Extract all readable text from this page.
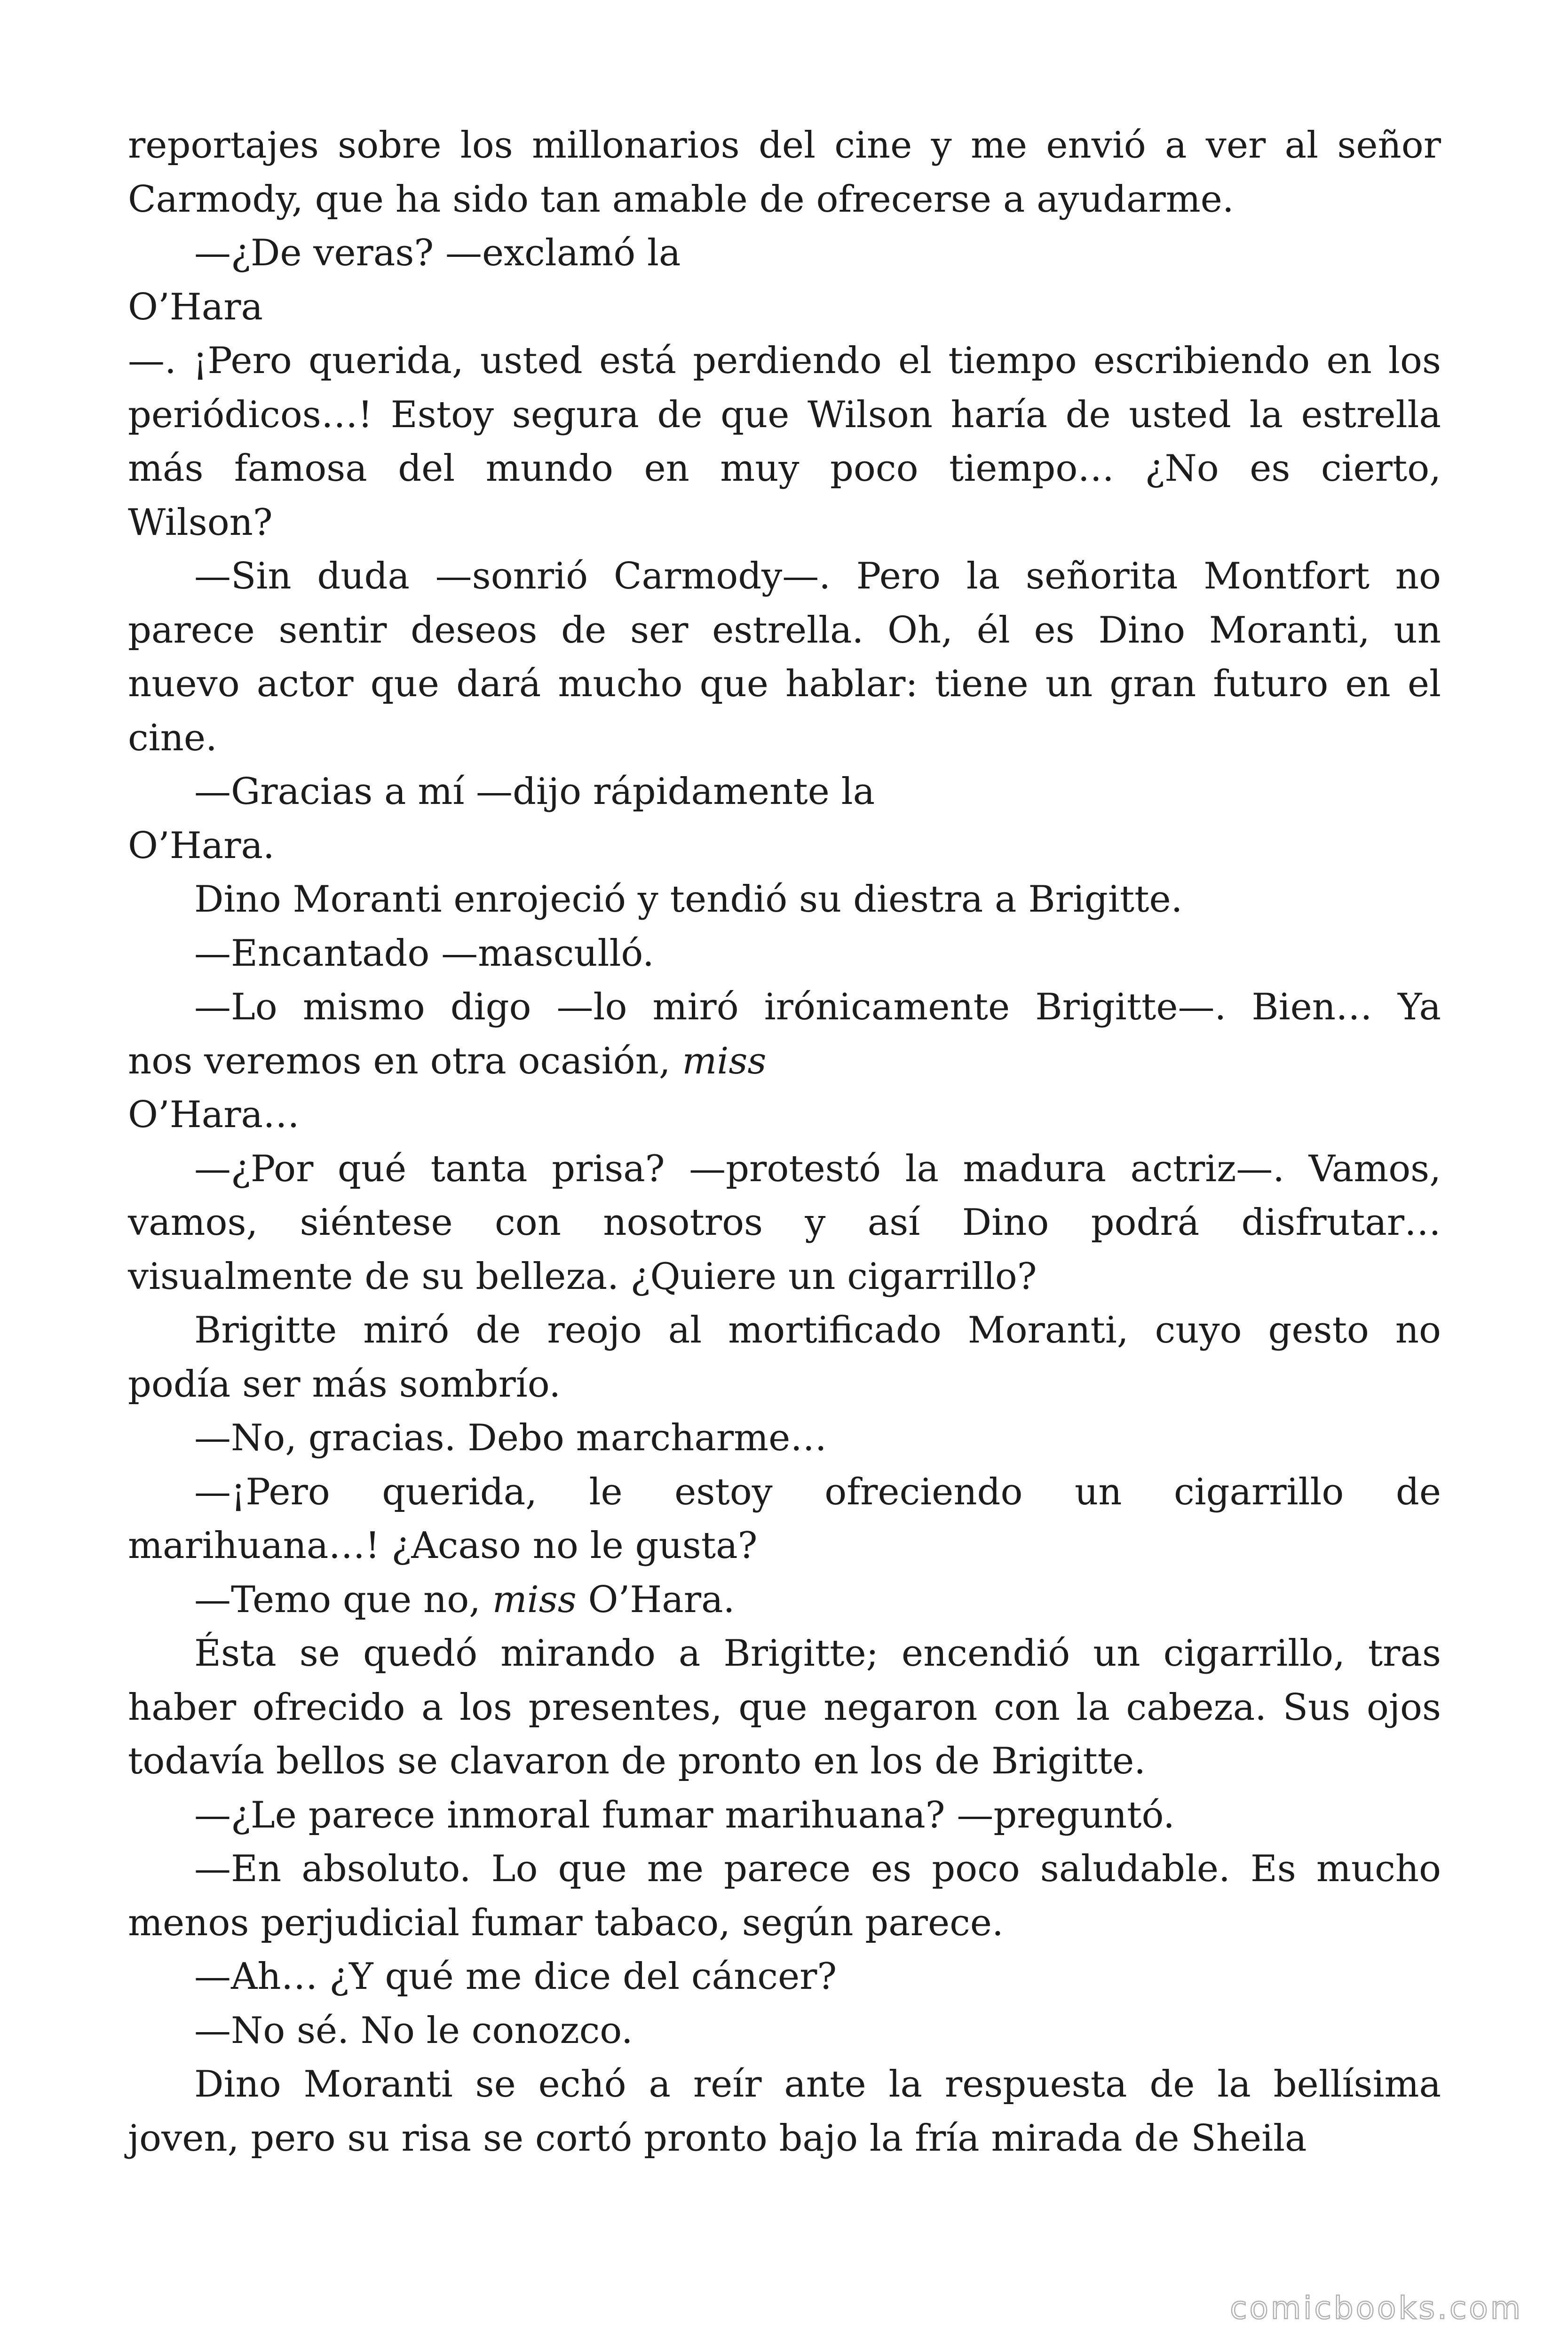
reportajes sobre los millonarios del cine y me envió a ver al señor
Carmody, que ha sido tan amable de ofrecerse a ayudarme.
—¿De veras? —exclamó la
O’Hara
—. ¡Pero querida, usted está perdiendo el tiempo escribiendo en los
periódicos…! Estoy segura de que Wilson haría de usted la estrella
más famosa del mundo en muy poco tiempo… ¿No es cierto,
Wilson?
—Sin duda —sonrió Carmody—. Pero la señorita Montfort no
parece sentir deseos de ser estrella. Oh, él es Dino Moranti, un
nuevo actor que dará mucho que hablar: tiene un gran futuro en el
cine.
—Gracias a mí —dijo rápidamente la
O’Hara.
Dino Moranti enrojeció y tendió su diestra a Brigitte.
—Encantado —masculló.
—Lo mismo digo —lo miró irónicamente Brigitte—. Bien… Ya
nos veremos en otra ocasión, miss
O’Hara…
—¿Por qué tanta prisa? —protestó la madura actriz—. Vamos,
vamos, siéntese con nosotros y así Dino podrá disfrutar…
visualmente de su belleza. ¿Quiere un cigarrillo?
Brigitte miró de reojo al mortificado Moranti, cuyo gesto no
podía ser más sombrío.
—No, gracias. Debo marcharme…
—¡Pero querida, le estoy ofreciendo un cigarrillo de
marihuana…! ¿Acaso no le gusta?
—Temo que no, miss O’Hara.
Ésta se quedó mirando a Brigitte; encendió un cigarrillo, tras
haber ofrecido a los presentes, que negaron con la cabeza. Sus ojos
todavía bellos se clavaron de pronto en los de Brigitte.
—¿Le parece inmoral fumar marihuana? —preguntó.
—En absoluto. Lo que me parece es poco saludable. Es mucho
menos perjudicial fumar tabaco, según parece.
—Ah… ¿Y qué me dice del cáncer?
—No sé. No le conozco.
Dino Moranti se echó a reír ante la respuesta de la bellísima
joven, pero su risa se cortó pronto bajo la fría mirada de Sheila
comicbooks.com
